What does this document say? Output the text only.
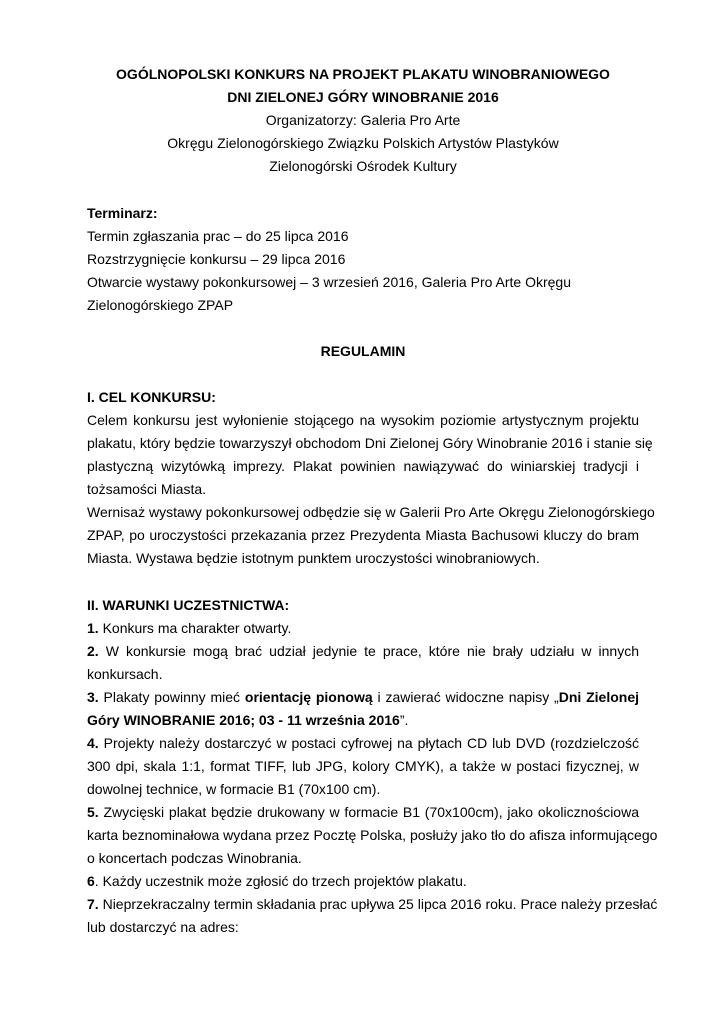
OGÓLNOPOLSKI KONKURS NA PROJEKT PLAKATU WINOBRANIOWEGO
DNI ZIELONEJ GÓRY WINOBRANIE 2016
Organizatorzy: Galeria Pro Arte
Okręgu Zielonogórskiego Związku Polskich Artystów Plastyków
Zielonogórski Ośrodek Kultury
Terminarz:
Termin zgłaszania prac – do 25 lipca 2016
Rozstrzygnięcie konkursu – 29 lipca 2016
Otwarcie wystawy pokonkursowej – 3 wrzesień 2016, Galeria Pro Arte Okręgu
Zielonogórskiego ZPAP
REGULAMIN
I. CEL KONKURSU:
Celem konkursu jest wyłonienie stojącego na wysokim poziomie artystycznym projektu
plakatu, który będzie towarzyszył obchodom Dni Zielonej Góry Winobranie 2016 i stanie się
plastyczną wizytówką imprezy. Plakat powinien nawiązywać do winiarskiej tradycji i
tożsamości Miasta.
Wernisaż wystawy pokonkursowej odbędzie się w Galerii Pro Arte Okręgu Zielonogórskiego
ZPAP, po uroczystości przekazania przez Prezydenta Miasta Bachusowi kluczy do bram
Miasta. Wystawa będzie istotnym punktem uroczystości winobraniowych.
II. WARUNKI UCZESTNICTWA:
1. Konkurs ma charakter otwarty.
2. W konkursie mogą brać udział jedynie te prace, które nie brały udziału w innych
konkursach.
3. Plakaty powinny mieć orientację pionową i zawierać widoczne napisy „Dni Zielonej
Góry WINOBRANIE 2016; 03 - 11 września 2016”.
4. Projekty należy dostarczyć w postaci cyfrowej na płytach CD lub DVD (rozdzielczość
300 dpi, skala 1:1, format TIFF, lub JPG, kolory CMYK), a także w postaci fizycznej, w
dowolnej technice, w formacie B1 (70x100 cm).
5. Zwycięski plakat będzie drukowany w formacie B1 (70x100cm), jako okolicznościowa
karta beznominałowa wydana przez Pocztę Polska, posłuży jako tło do afisza informującego
o koncertach podczas Winobrania.
6. Każdy uczestnik może zgłosić do trzech projektów plakatu.
7. Nieprzekraczalny termin składania prac upływa 25 lipca 2016 roku. Prace należy przesłać
lub dostarczyć na adres:
